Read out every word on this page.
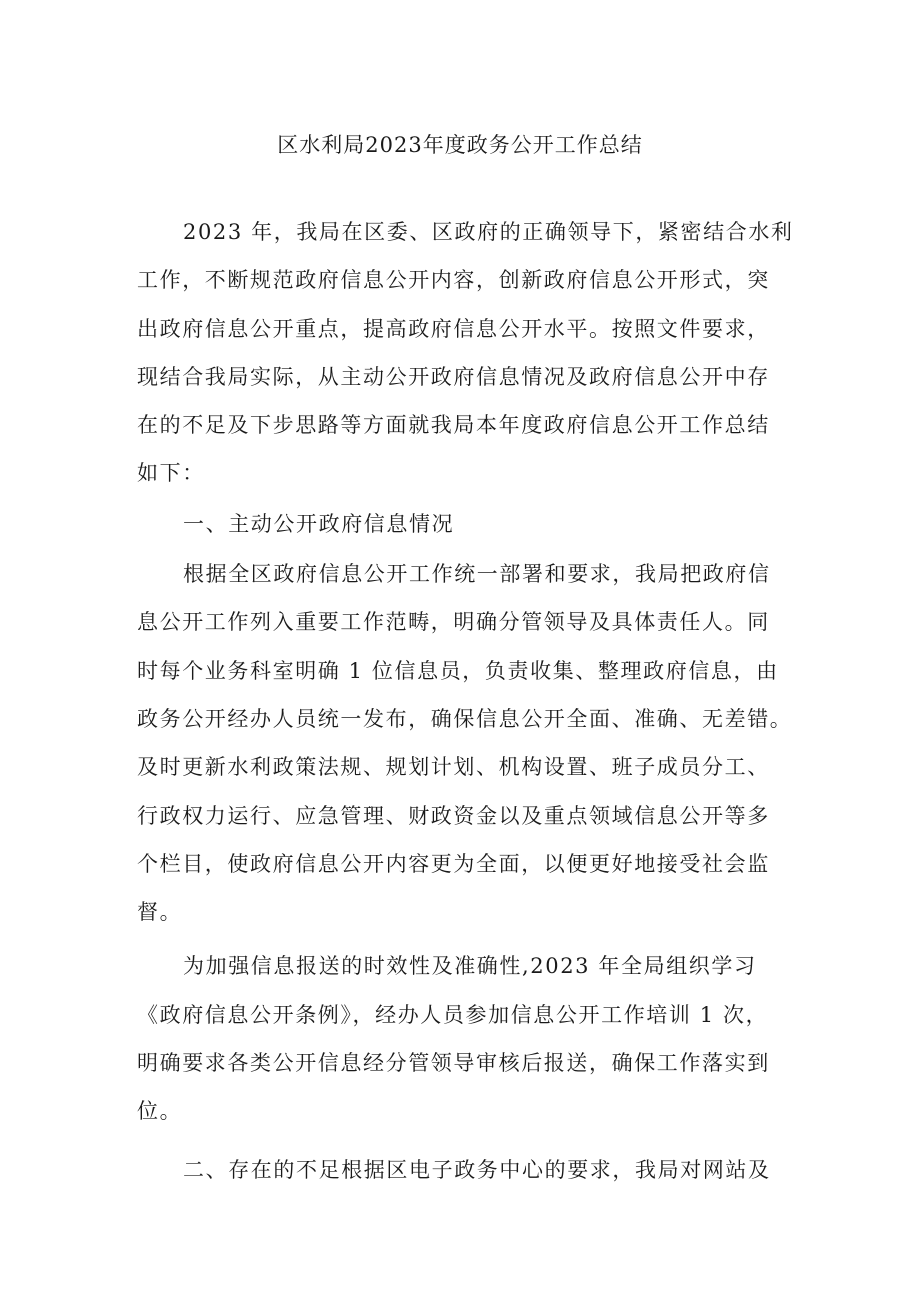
区水利局2023年度政务公开工作总结

2023 年，我局在区委、区政府的正确领导下，紧密结合水利
工作，不断规范政府信息公开内容，创新政府信息公开形式，突
出政府信息公开重点，提高政府信息公开水平。按照文件要求，
现结合我局实际，从主动公开政府信息情况及政府信息公开中存
在的不足及下步思路等方面就我局本年度政府信息公开工作总结
如下：

一、主动公开政府信息情况

根据全区政府信息公开工作统一部署和要求，我局把政府信
息公开工作列入重要工作范畴，明确分管领导及具体责任人。同
时每个业务科室明确 1 位信息员，负责收集、整理政府信息，由
政务公开经办人员统一发布，确保信息公开全面、准确、无差错。
及时更新水利政策法规、规划计划、机构设置、班子成员分工、
行政权力运行、应急管理、财政资金以及重点领域信息公开等多
个栏目，使政府信息公开内容更为全面，以便更好地接受社会监
督。

为加强信息报送的时效性及准确性,2023 年全局组织学习
《政府信息公开条例》，经办人员参加信息公开工作培训 1 次，
明确要求各类公开信息经分管领导审核后报送，确保工作落实到
位。

二、存在的不足根据区电子政务中心的要求，我局对网站及
